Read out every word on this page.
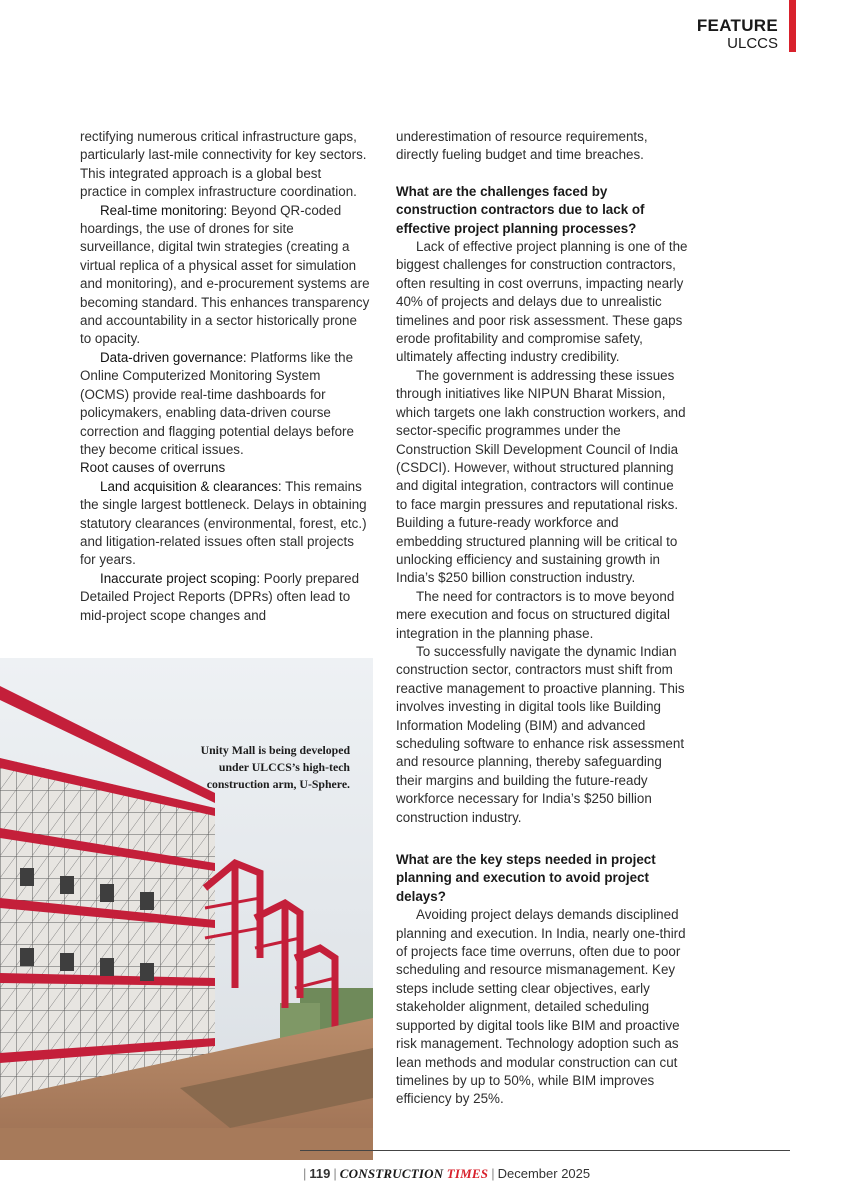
FEATURE
ULCCS

rectifying numerous critical infrastructure gaps, particularly last-mile connectivity for key sectors. This integrated approach is a global best practice in complex infrastructure coordination.

Real-time monitoring: Beyond QR-coded hoardings, the use of drones for site surveillance, digital twin strategies (creating a virtual replica of a physical asset for simulation and monitoring), and e-procurement systems are becoming standard. This enhances transparency and accountability in a sector historically prone to opacity.

Data-driven governance: Platforms like the Online Computerized Monitoring System (OCMS) provide real-time dashboards for policymakers, enabling data-driven course correction and flagging potential delays before they become critical issues.

Root causes of overruns

Land acquisition & clearances: This remains the single largest bottleneck. Delays in obtaining statutory clearances (environmental, forest, etc.) and litigation-related issues often stall projects for years.

Inaccurate project scoping: Poorly prepared Detailed Project Reports (DPRs) often lead to mid-project scope changes and

underestimation of resource requirements, directly fueling budget and time breaches.

What are the challenges faced by construction contractors due to lack of effective project planning processes?

Lack of effective project planning is one of the biggest challenges for construction contractors, often resulting in cost overruns, impacting nearly 40% of projects and delays due to unrealistic timelines and poor risk assessment. These gaps erode profitability and compromise safety, ultimately affecting industry credibility.

The government is addressing these issues through initiatives like NIPUN Bharat Mission, which targets one lakh construction workers, and sector-specific programmes under the Construction Skill Development Council of India (CSDCI). However, without structured planning and digital integration, contractors will continue to face margin pressures and reputational risks. Building a future-ready workforce and embedding structured planning will be critical to unlocking efficiency and sustaining growth in India’s $250 billion construction industry.

The need for contractors is to move beyond mere execution and focus on structured digital integration in the planning phase.

To successfully navigate the dynamic Indian construction sector, contractors must shift from reactive management to proactive planning. This involves investing in digital tools like Building Information Modeling (BIM) and advanced scheduling software to enhance risk assessment and resource planning, thereby safeguarding their margins and building the future-ready workforce necessary for India’s $250 billion construction industry.

What are the key steps needed in project planning and execution to avoid project delays?

Avoiding project delays demands disciplined planning and execution. In India, nearly one-third of projects face time overruns, often due to poor scheduling and resource mismanagement. Key steps include setting clear objectives, early stakeholder alignment, detailed scheduling supported by digital tools like BIM and proactive risk management. Technology adoption such as lean methods and modular construction can cut timelines by up to 50%, while BIM improves efficiency by 25%.

Unity Mall is being developed under ULCCS’s high-tech construction arm, U-Sphere.
| 119 | CONSTRUCTION TIMES | December 2025
